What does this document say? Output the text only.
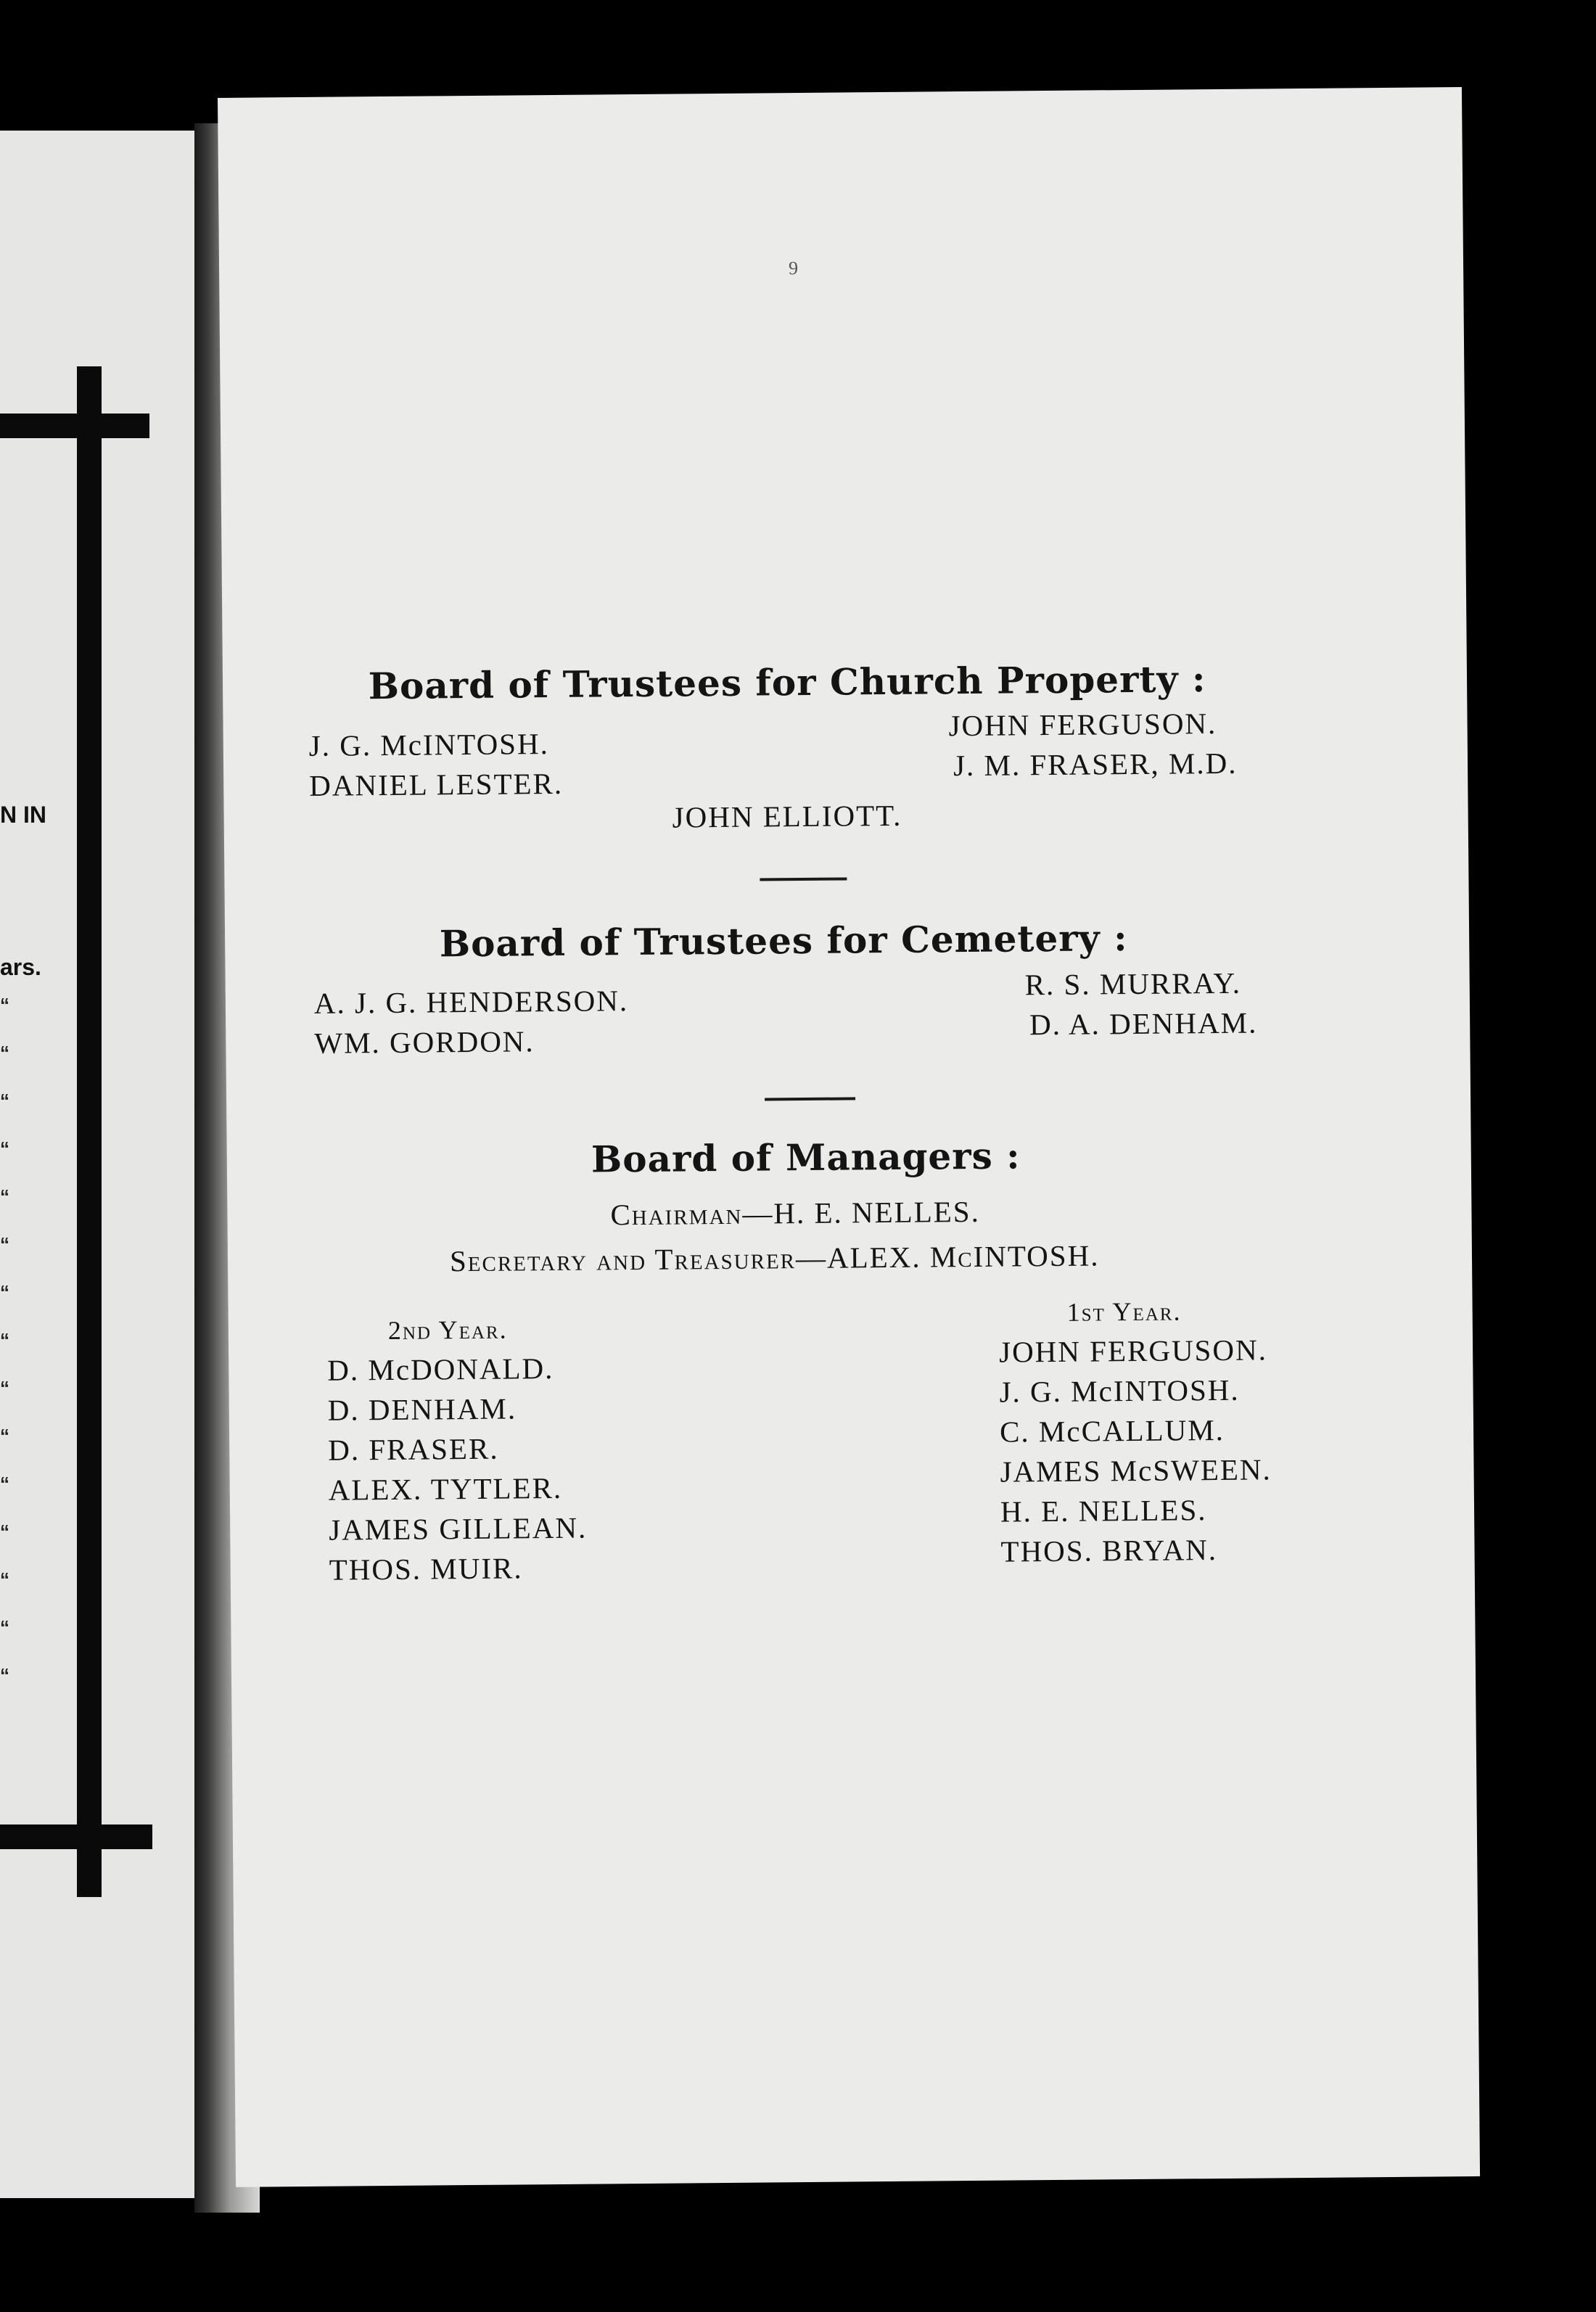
N IN
ars.
“
“
“
“
“
“
“
“
“
“
“
“
“
“
“
9
Board of Trustees for Church Property :
J. G. McINTOSH.
DANIEL LESTER.
JOHN FERGUSON.
J. M. FRASER, M.D.
JOHN ELLIOTT.
Board of Trustees for Cemetery :
A. J. G. HENDERSON.
WM. GORDON.
R. S. MURRAY.
D. A. DENHAM.
Board of Managers :
Chairman—H. E. NELLES.
Secretary and Treasurer—ALEX. McINTOSH.
2nd Year.
D. McDONALD.
D. DENHAM.
D. FRASER.
ALEX. TYTLER.
JAMES GILLEAN.
THOS. MUIR.
1st Year.
JOHN FERGUSON.
J. G. McINTOSH.
C. McCALLUM.
JAMES McSWEEN.
H. E. NELLES.
THOS. BRYAN.
